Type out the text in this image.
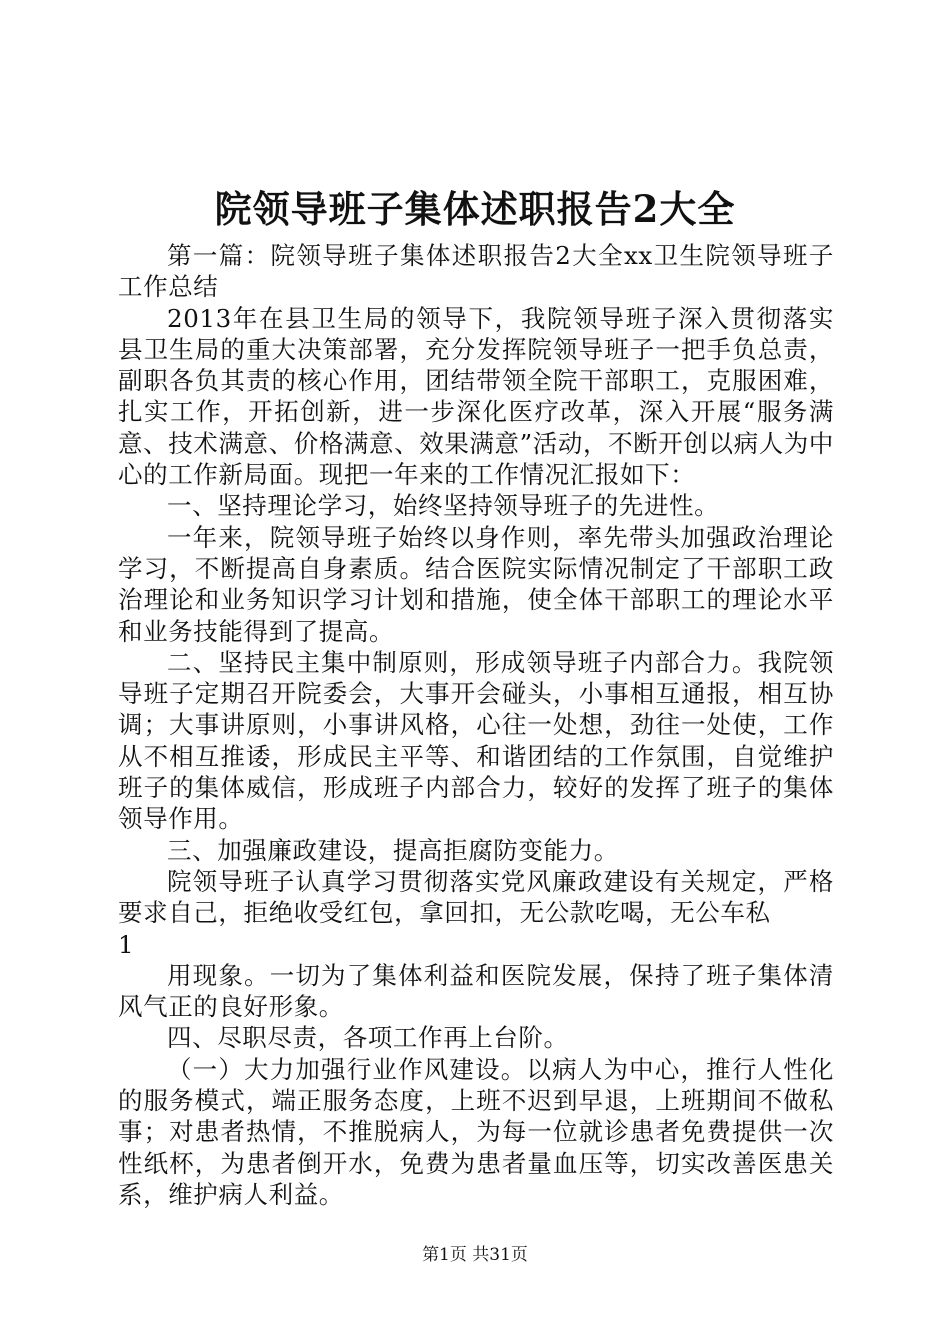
院领导班子集体述职报告2大全

第一篇：院领导班子集体述职报告2大全xx卫生院领导班子工作总结

2013年在县卫生局的领导下，我院领导班子深入贯彻落实县卫生局的重大决策部署，充分发挥院领导班子一把手负总责，副职各负其责的核心作用，团结带领全院干部职工，克服困难，扎实工作，开拓创新，进一步深化医疗改革，深入开展“服务满意、技术满意、价格满意、效果满意”活动，不断开创以病人为中心的工作新局面。现把一年来的工作情况汇报如下：

一、坚持理论学习，始终坚持领导班子的先进性。

一年来，院领导班子始终以身作则，率先带头加强政治理论学习，不断提高自身素质。结合医院实际情况制定了干部职工政治理论和业务知识学习计划和措施，使全体干部职工的理论水平和业务技能得到了提高。

二、坚持民主集中制原则，形成领导班子内部合力。我院领导班子定期召开院委会，大事开会碰头，小事相互通报，相互协调；大事讲原则，小事讲风格，心往一处想，劲往一处使，工作从不相互推诿，形成民主平等、和谐团结的工作氛围，自觉维护班子的集体威信，形成班子内部合力，较好的发挥了班子的集体领导作用。

三、加强廉政建设，提高拒腐防变能力。

院领导班子认真学习贯彻落实党风廉政建设有关规定，严格要求自己，拒绝收受红包，拿回扣，无公款吃喝，无公车私

1

用现象。一切为了集体利益和医院发展，保持了班子集体清风气正的良好形象。

四、尽职尽责，各项工作再上台阶。

（一）大力加强行业作风建设。以病人为中心，推行人性化的服务模式，端正服务态度，上班不迟到早退，上班期间不做私事；对患者热情，不推脱病人，为每一位就诊患者免费提供一次性纸杯，为患者倒开水，免费为患者量血压等，切实改善医患关系，维护病人利益。

第1页 共31页
